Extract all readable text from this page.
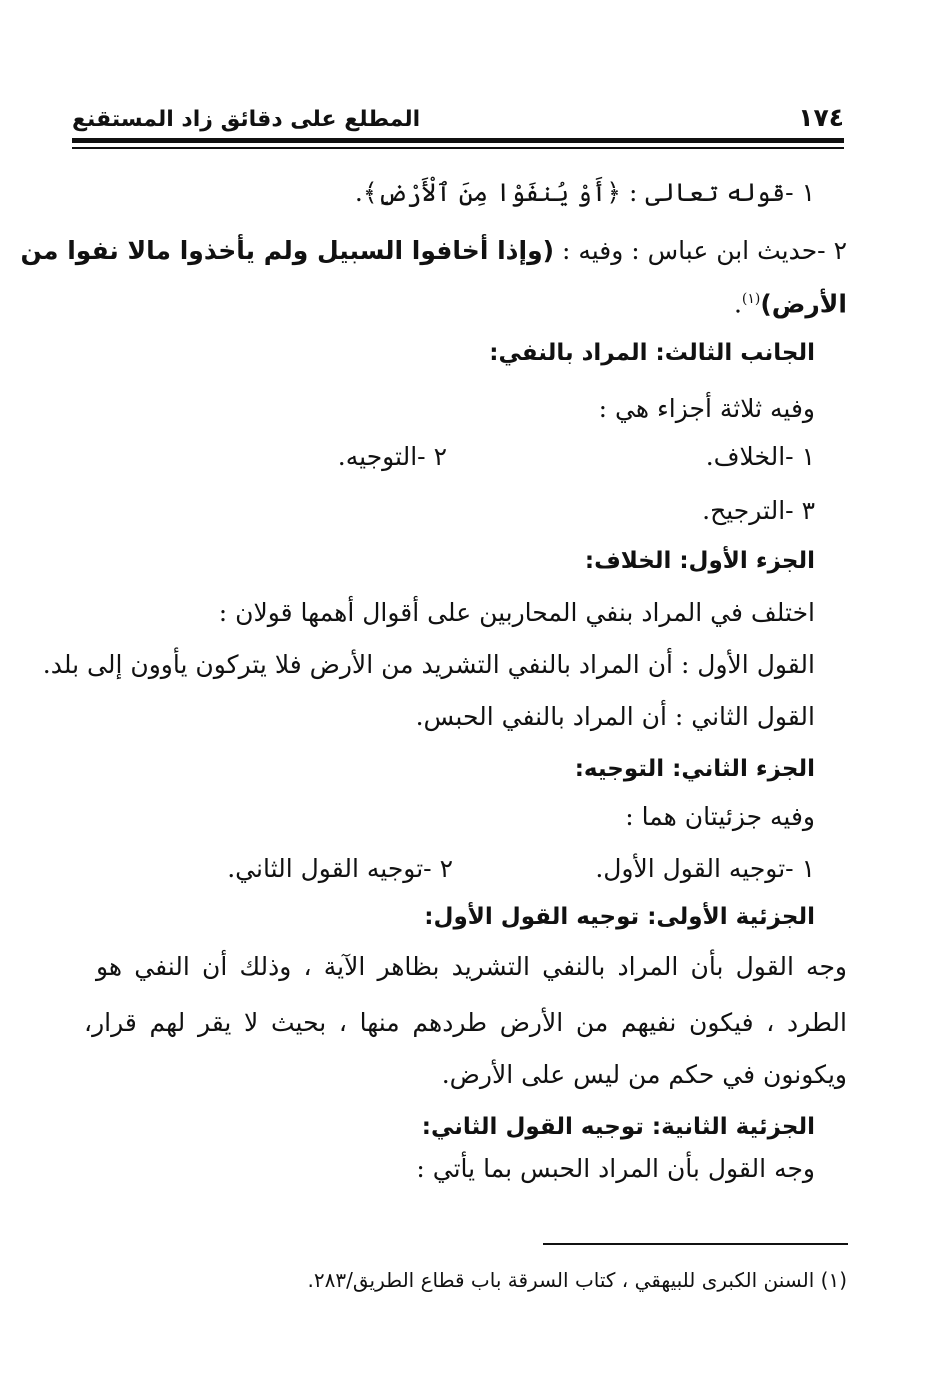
١٧٤
المطلع على دقائق زاد المستقنع
١ -قوله تعالى : ﴿أَوْ يُنفَوْا مِنَ ٱلْأَرْضِ﴾.
٢ -حديث ابن عباس : وفيه : (وإذا أخافوا السبيل ولم يأخذوا مالا نفوا من
الأرض)$^{(١)}$.
الجانب الثالث: المراد بالنفي:
وفيه ثلاثة أجزاء هي :
١ -الخلاف.
٢ -التوجيه.
٣ -الترجيح.
الجزء الأول: الخلاف:
اختلف في المراد بنفي المحاربين على أقوال أهمها قولان :
القول الأول : أن المراد بالنفي التشريد من الأرض فلا يتركون يأوون إلى بلد.
القول الثاني : أن المراد بالنفي الحبس.
الجزء الثاني: التوجيه:
وفيه جزئيتان هما :
١ -توجيه القول الأول.
٢ -توجيه القول الثاني.
الجزئية الأولى: توجيه القول الأول:
وجه القول بأن المراد بالنفي التشريد بظاهر الآية ، وذلك أن النفي هو
الطرد ، فيكون نفيهم من الأرض طردهم منها ، بحيث لا يقر لهم قرار،
ويكونون في حكم من ليس على الأرض.
الجزئية الثانية: توجيه القول الثاني:
وجه القول بأن المراد الحبس بما يأتي :
(١) السنن الكبرى للبيهقي ، كتاب السرقة باب قطاع الطريق/٢٨٣.
